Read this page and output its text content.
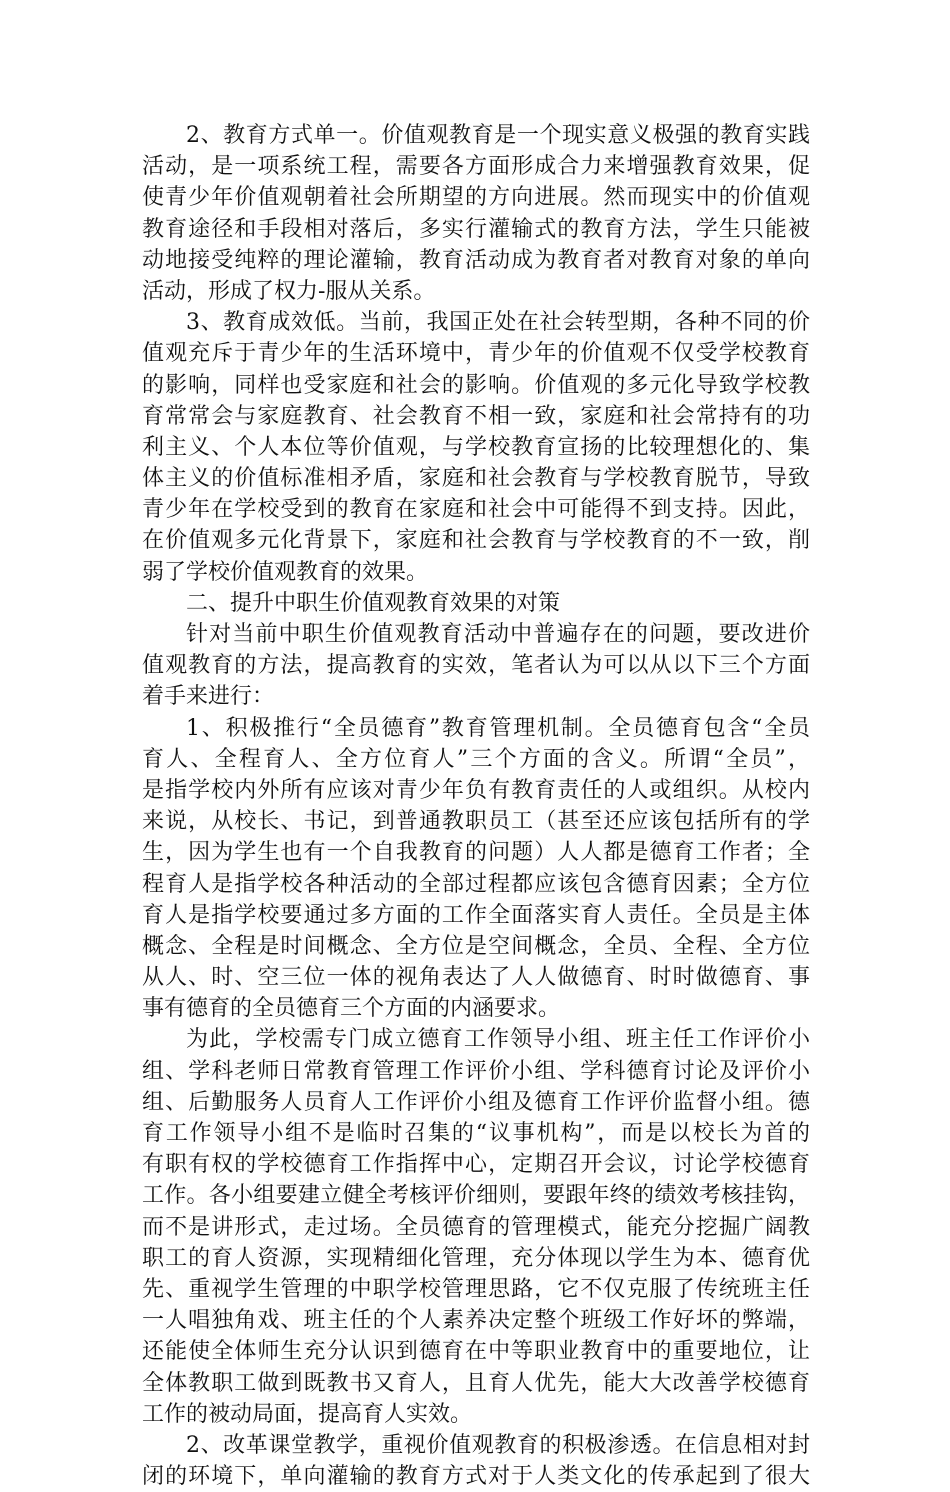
2、教育方式单一。价值观教育是一个现实意义极强的教育实践
活动，是一项系统工程，需要各方面形成合力来增强教育效果，促
使青少年价值观朝着社会所期望的方向进展。然而现实中的价值观
教育途径和手段相对落后，多实行灌输式的教育方法，学生只能被
动地接受纯粹的理论灌输，教育活动成为教育者对教育对象的单向
活动，形成了权力-服从关系。
3、教育成效低。当前，我国正处在社会转型期，各种不同的价
值观充斥于青少年的生活环境中，青少年的价值观不仅受学校教育
的影响，同样也受家庭和社会的影响。价值观的多元化导致学校教
育常常会与家庭教育、社会教育不相一致，家庭和社会常持有的功
利主义、个人本位等价值观，与学校教育宣扬的比较理想化的、集
体主义的价值标准相矛盾，家庭和社会教育与学校教育脱节，导致
青少年在学校受到的教育在家庭和社会中可能得不到支持。因此，
在价值观多元化背景下，家庭和社会教育与学校教育的不一致，削
弱了学校价值观教育的效果。
二、提升中职生价值观教育效果的对策
针对当前中职生价值观教育活动中普遍存在的问题，要改进价
值观教育的方法，提高教育的实效，笔者认为可以从以下三个方面
着手来进行：
1、积极推行“全员德育”教育管理机制。全员德育包含“全员
育人、全程育人、全方位育人”三个方面的含义。所谓“全员”，
是指学校内外所有应该对青少年负有教育责任的人或组织。从校内
来说，从校长、书记，到普通教职员工（甚至还应该包括所有的学
生，因为学生也有一个自我教育的问题）人人都是德育工作者；全
程育人是指学校各种活动的全部过程都应该包含德育因素；全方位
育人是指学校要通过多方面的工作全面落实育人责任。全员是主体
概念、全程是时间概念、全方位是空间概念，全员、全程、全方位
从人、时、空三位一体的视角表达了人人做德育、时时做德育、事
事有德育的全员德育三个方面的内涵要求。
为此，学校需专门成立德育工作领导小组、班主任工作评价小
组、学科老师日常教育管理工作评价小组、学科德育讨论及评价小
组、后勤服务人员育人工作评价小组及德育工作评价监督小组。德
育工作领导小组不是临时召集的“议事机构”，而是以校长为首的
有职有权的学校德育工作指挥中心，定期召开会议，讨论学校德育
工作。各小组要建立健全考核评价细则，要跟年终的绩效考核挂钩，
而不是讲形式，走过场。全员德育的管理模式，能充分挖掘广阔教
职工的育人资源，实现精细化管理，充分体现以学生为本、德育优
先、重视学生管理的中职学校管理思路，它不仅克服了传统班主任
一人唱独角戏、班主任的个人素养决定整个班级工作好坏的弊端，
还能使全体师生充分认识到德育在中等职业教育中的重要地位，让
全体教职工做到既教书又育人，且育人优先，能大大改善学校德育
工作的被动局面，提高育人实效。
2、改革课堂教学，重视价值观教育的积极渗透。在信息相对封
闭的环境下，单向灌输的教育方式对于人类文化的传承起到了很大
